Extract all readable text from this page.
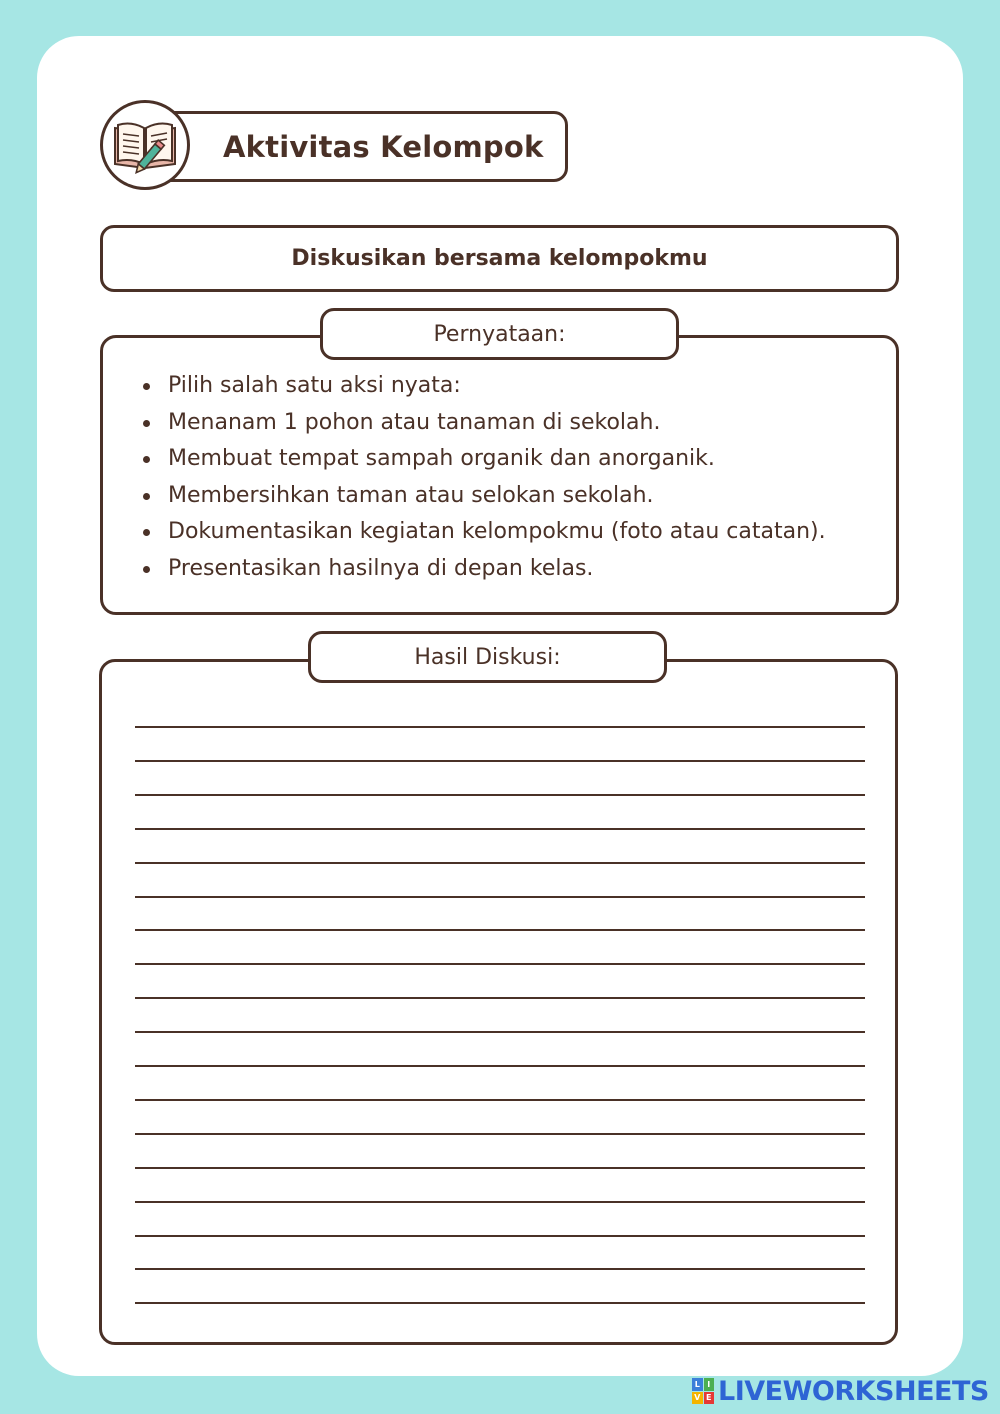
Aktivitas Kelompok
Diskusikan bersama kelompokmu
Pilih salah satu aksi nyata:
Menanam 1 pohon atau tanaman di sekolah.
Membuat tempat sampah organik dan anorganik.
Membersihkan taman atau selokan sekolah.
Dokumentasikan kegiatan kelompokmu (foto atau catatan).
Presentasikan hasilnya di depan kelas.
Pernyataan:
Hasil Diskusi:
L I
V E LIVEWORKSHEETS
